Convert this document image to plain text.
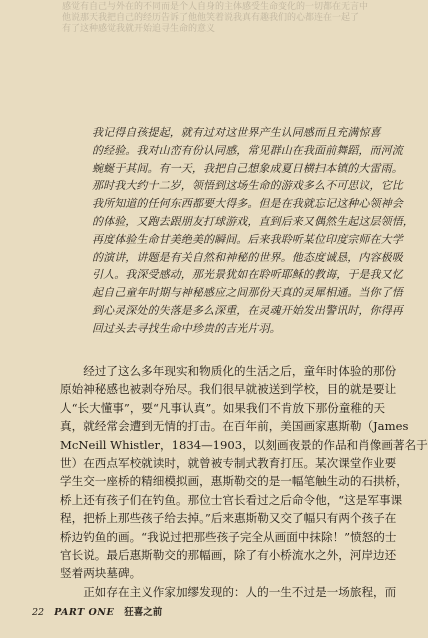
感觉有自己与外在的不同而是个人自身的主体感受生命变化的一切都在无言中
他说那天我把自己的经历告诉了他他笑着说我真有趣我们的心都连在一起了
有了这种感觉我就开始追寻生命的意义
我记得自孩提起，就有过对这世界产生认同感而且充满惊喜
的经验。我对山峦有份认同感，常见群山在我面前舞蹈，而河流
蜿蜒于其间。有一天，我把自己想象成夏日横扫本镇的大雷雨。
那时我大约十二岁，领悟到这场生命的游戏多么不可思议，它比
我所知道的任何东西都要大得多。但是在我就忘记这种心领神会
的体验，又跑去跟朋友打球游戏，直到后来又偶然生起这层领悟，
再度体验生命甘美绝美的瞬间。后来我聆听某位印度宗师在大学
的演讲，讲题是有关自然和神秘的世界。他态度诚恳，内容极吸
引人。我深受感动，那光景犹如在聆听耶稣的教诲，于是我又忆
起自己童年时期与神秘感应之间那份天真的灵犀相通。当你了悟
到心灵深处的失落是多么深重，在灵魂开始发出警讯时，你得再
回过头去寻找生命中珍贵的吉光片羽。
　　经过了这么多年现实和物质化的生活之后，童年时体验的那份
原始神秘感也被剥夺殆尽。我们很早就被送到学校，目的就是要让
人“长大懂事”，要“凡事认真”。如果我们不肯放下那份童稚的天
真，就经常会遭到无情的打击。在百年前，美国画家惠斯勒（James
McNeill Whistler，1834—1903，以刻画夜景的作品和肖像画著名于
世）在西点军校就读时，就曾被专制式教育打压。某次课堂作业要
学生交一座桥的精细模拟画，惠斯勒交的是一幅笔触生动的石拱桥，
桥上还有孩子们在钓鱼。那位士官长看过之后命令他，“这是军事课
程，把桥上那些孩子给去掉。”后来惠斯勒又交了幅只有两个孩子在
桥边钓鱼的画。“我说过把那些孩子完全从画面中抹除！”愤怒的士
官长说。最后惠斯勒交的那幅画，除了有小桥流水之外，河岸边还
竖着两块墓碑。
　　正如存在主义作家加缪发现的：人的一生不过是一场旅程，而
22 PART ONE 狂喜之前
